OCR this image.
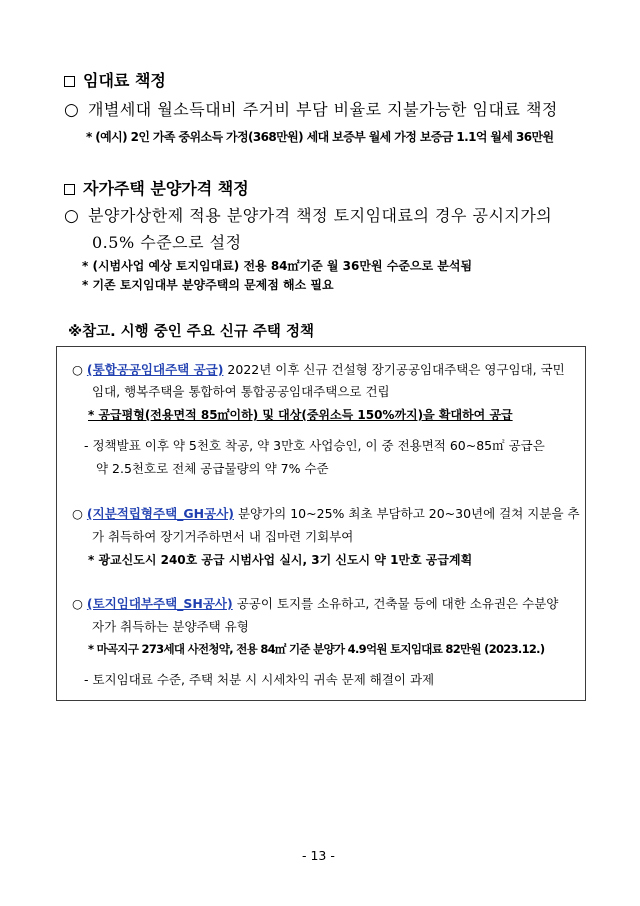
임대료 책정
○ 개별세대 월소득대비 주거비 부담 비율로 지불가능한 임대료 책정
* (예시) 2인 가족 중위소득 가정(368만원) 세대 보증부 월세 가정 보증금 1.1억 월세 36만원
자가주택 분양가격 책정
○ 분양가상한제 적용 분양가격 책정 토지임대료의 경우 공시지가의
0.5% 수준으로 설정
* (시범사업 예상 토지임대료) 전용 84㎡기준 월 36만원 수준으로 분석됨
* 기존 토지임대부 분양주택의 문제점 해소 필요
※참고. 시행 중인 주요 신규 주택 정책
○ (통합공공임대주택 공급) 2022년 이후 신규 건설형 장기공공임대주택은 영구임대, 국민
임대, 행복주택을 통합하여 통합공공임대주택으로 건립
* 공급평형(전용면적 85㎡이하) 및 대상(중위소득 150%까지)을 확대하여 공급
- 정책발표 이후 약 5천호 착공, 약 3만호 사업승인, 이 중 전용면적 60~85㎡ 공급은
약 2.5천호로 전체 공급물량의 약 7% 수준
○ (지분적립형주택_GH공사) 분양가의 10~25% 최초 부담하고 20~30년에 걸쳐 지분을 추
가 취득하여 장기거주하면서 내 집마련 기회부여
* 광교신도시 240호 공급 시범사업 실시, 3기 신도시 약 1만호 공급계획
○ (토지임대부주택_SH공사) 공공이 토지를 소유하고, 건축물 등에 대한 소유권은 수분양
자가 취득하는 분양주택 유형
* 마곡지구 273세대 사전청약, 전용 84㎡ 기준 분양가 4.9억원 토지임대료 82만원 (2023.12.)
- 토지임대료 수준, 주택 처분 시 시세차익 귀속 문제 해결이 과제
- 13 -
